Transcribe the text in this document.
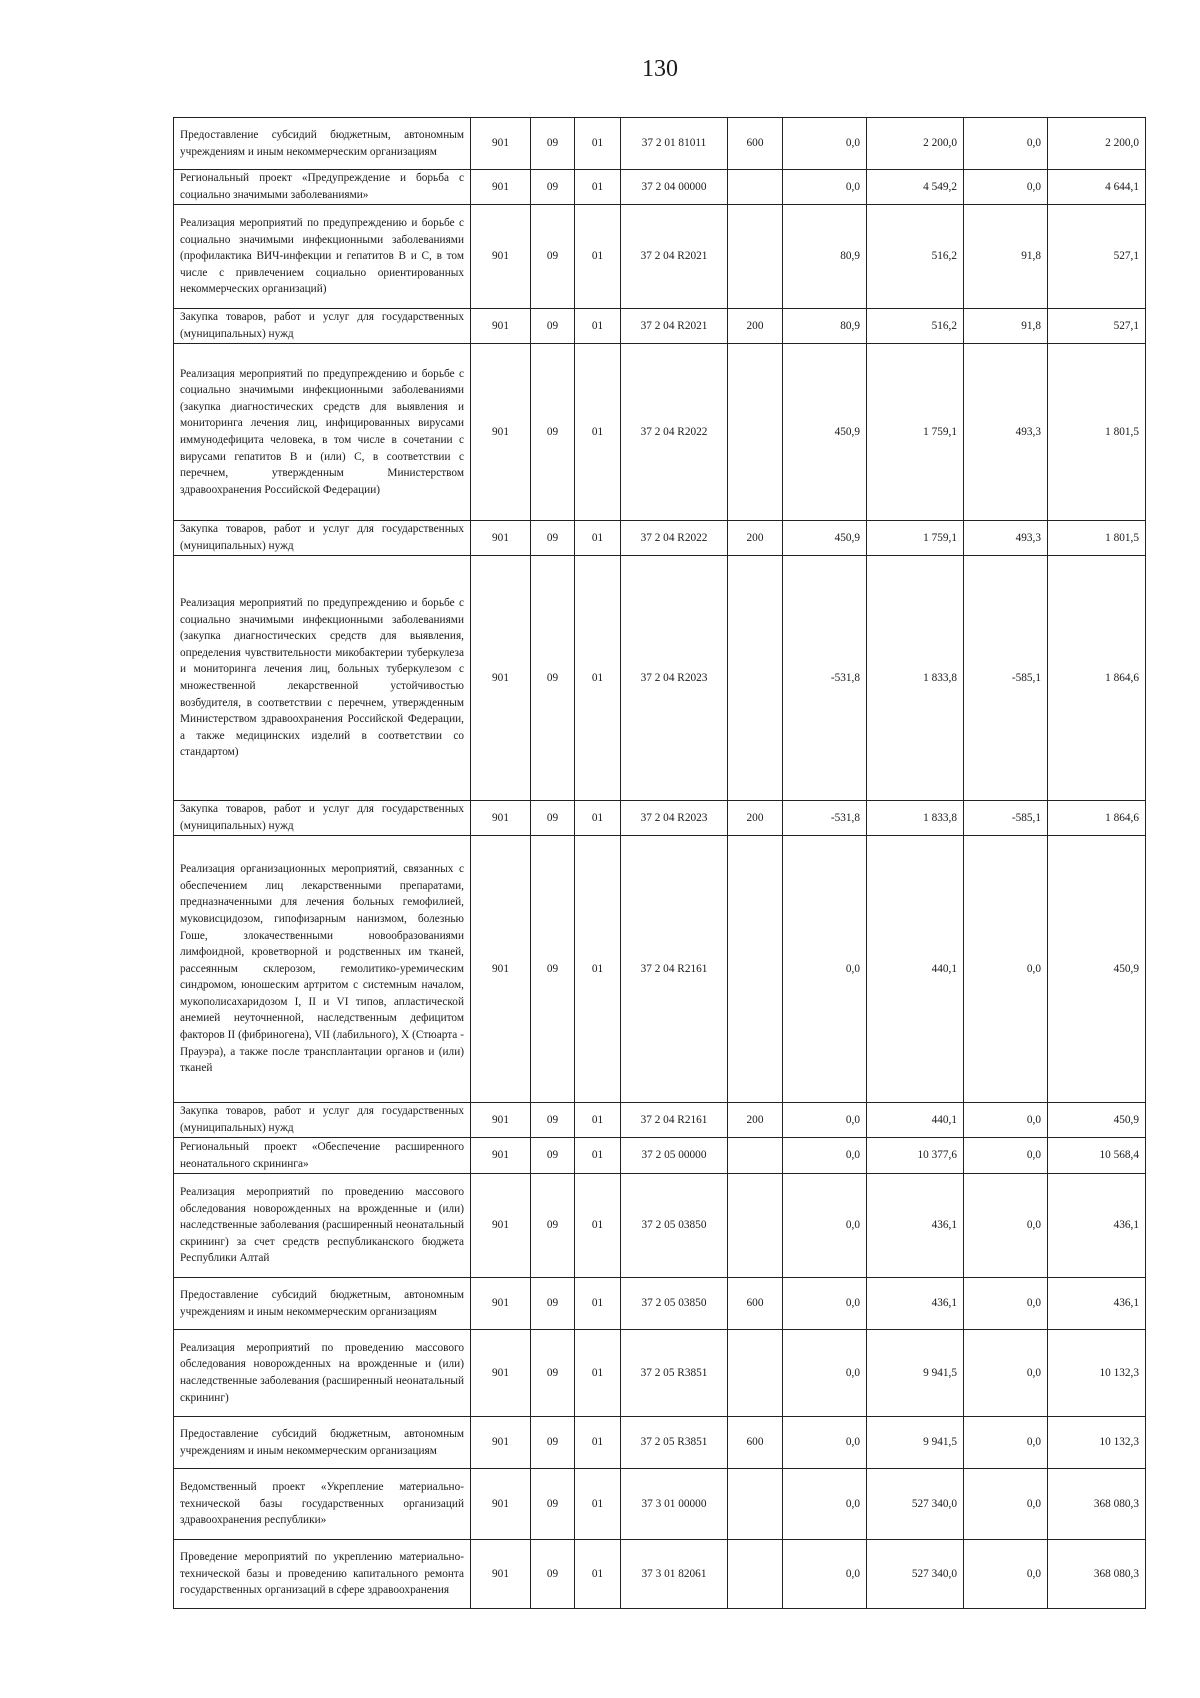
130
Предоставление субсидий бюджетным, автономным учреждениям и иным некоммерческим организациям	901	09	01	37 2 01 81011	600	0,0	2 200,0	0,0	2 200,0
Региональный проект «Предупреждение и борьба с социально значимыми заболеваниями»	901	09	01	37 2 04 00000		0,0	4 549,2	0,0	4 644,1
Реализация мероприятий по предупреждению и борьбе с социально значимыми инфекционными заболеваниями (профилактика ВИЧ-инфекции и гепатитов B и C, в том числе с привлечением социально ориентированных некоммерческих организаций)	901	09	01	37 2 04 R2021		80,9	516,2	91,8	527,1
Закупка товаров, работ и услуг для государственных (муниципальных) нужд	901	09	01	37 2 04 R2021	200	80,9	516,2	91,8	527,1
Реализация мероприятий по предупреждению и борьбе с социально значимыми инфекционными заболеваниями (закупка диагностических средств для выявления и мониторинга лечения лиц, инфицированных вирусами иммунодефицита человека, в том числе в сочетании с вирусами гепатитов B и (или) C, в соответствии с перечнем, утвержденным Министерством здравоохранения Российской Федерации)	901	09	01	37 2 04 R2022		450,9	1 759,1	493,3	1 801,5
Закупка товаров, работ и услуг для государственных (муниципальных) нужд	901	09	01	37 2 04 R2022	200	450,9	1 759,1	493,3	1 801,5
Реализация мероприятий по предупреждению и борьбе с социально значимыми инфекционными заболеваниями (закупка диагностических средств для выявления, определения чувствительности микобактерии туберкулеза и мониторинга лечения лиц, больных туберкулезом с множественной лекарственной устойчивостью возбудителя, в соответствии с перечнем, утвержденным Министерством здравоохранения Российской Федерации, а также медицинских изделий в соответствии со стандартом)	901	09	01	37 2 04 R2023		-531,8	1 833,8	-585,1	1 864,6
Закупка товаров, работ и услуг для государственных (муниципальных) нужд	901	09	01	37 2 04 R2023	200	-531,8	1 833,8	-585,1	1 864,6
Реализация организационных мероприятий, связанных с обеспечением лиц лекарственными препаратами, предназначенными для лечения больных гемофилией, муковисцидозом, гипофизарным нанизмом, болезнью Гоше, злокачественными новообразованиями лимфоидной, кроветворной и родственных им тканей, рассеянным склерозом, гемолитико-уремическим синдромом, юношеским артритом с системным началом, мукополисахаридозом I, II и VI типов, апластической анемией неуточненной, наследственным дефицитом факторов II (фибриногена), VII (лабильного), X (Стюарта - Прауэра), а также после трансплантации органов и (или) тканей	901	09	01	37 2 04 R2161		0,0	440,1	0,0	450,9
Закупка товаров, работ и услуг для государственных (муниципальных) нужд	901	09	01	37 2 04 R2161	200	0,0	440,1	0,0	450,9
Региональный проект «Обеспечение расширенного неонатального скрининга»	901	09	01	37 2 05 00000		0,0	10 377,6	0,0	10 568,4
Реализация мероприятий по проведению массового обследования новорожденных на врожденные и (или) наследственные заболевания (расширенный неонатальный скрининг) за счет средств республиканского бюджета Республики Алтай	901	09	01	37 2 05 03850		0,0	436,1	0,0	436,1
Предоставление субсидий бюджетным, автономным учреждениям и иным некоммерческим организациям	901	09	01	37 2 05 03850	600	0,0	436,1	0,0	436,1
Реализация мероприятий по проведению массового обследования новорожденных на врожденные и (или) наследственные заболевания (расширенный неонатальный скрининг)	901	09	01	37 2 05 R3851		0,0	9 941,5	0,0	10 132,3
Предоставление субсидий бюджетным, автономным учреждениям и иным некоммерческим организациям	901	09	01	37 2 05 R3851	600	0,0	9 941,5	0,0	10 132,3
Ведомственный проект «Укрепление материально-технической базы государственных организаций здравоохранения республики»	901	09	01	37 3 01 00000		0,0	527 340,0	0,0	368 080,3
Проведение мероприятий по укреплению материально-технической базы и проведению капитального ремонта государственных организаций в сфере здравоохранения	901	09	01	37 3 01 82061		0,0	527 340,0	0,0	368 080,3
